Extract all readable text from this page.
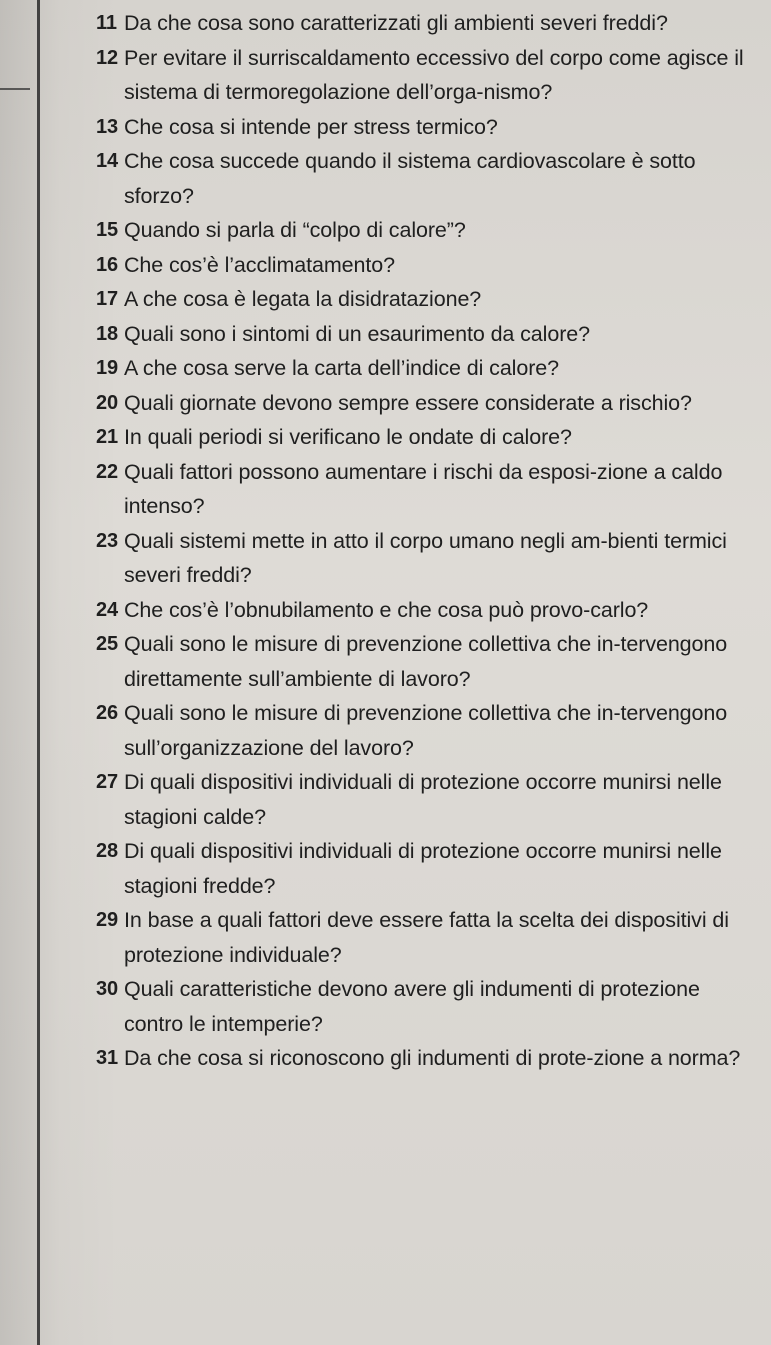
11 Da che cosa sono caratterizzati gli ambienti severi freddi?
12 Per evitare il surriscaldamento eccessivo del corpo come agisce il sistema di termoregolazione dell’orga-nismo?
13 Che cosa si intende per stress termico?
14 Che cosa succede quando il sistema cardiovascolare è sotto sforzo?
15 Quando si parla di “colpo di calore”?
16 Che cos’è l’acclimatamento?
17 A che cosa è legata la disidratazione?
18 Quali sono i sintomi di un esaurimento da calore?
19 A che cosa serve la carta dell’indice di calore?
20 Quali giornate devono sempre essere considerate a rischio?
21 In quali periodi si verificano le ondate di calore?
22 Quali fattori possono aumentare i rischi da esposi-zione a caldo intenso?
23 Quali sistemi mette in atto il corpo umano negli am-bienti termici severi freddi?
24 Che cos’è l’obnubilamento e che cosa può provo-carlo?
25 Quali sono le misure di prevenzione collettiva che in-tervengono direttamente sull’ambiente di lavoro?
26 Quali sono le misure di prevenzione collettiva che in-tervengono sull’organizzazione del lavoro?
27 Di quali dispositivi individuali di protezione occorre munirsi nelle stagioni calde?
28 Di quali dispositivi individuali di protezione occorre munirsi nelle stagioni fredde?
29 In base a quali fattori deve essere fatta la scelta dei dispositivi di protezione individuale?
30 Quali caratteristiche devono avere gli indumenti di protezione contro le intemperie?
31 Da che cosa si riconoscono gli indumenti di prote-zione a norma?
